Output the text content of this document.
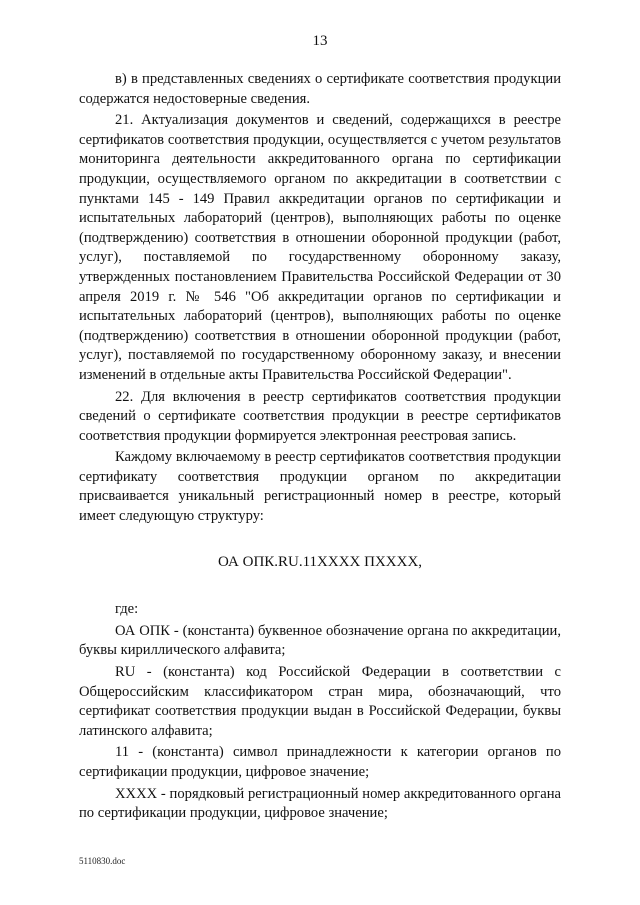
13

в) в представленных сведениях о сертификате соответствия продукции содержатся недостоверные сведения.

21. Актуализация документов и сведений, содержащихся в реестре сертификатов соответствия продукции, осуществляется с учетом результатов мониторинга деятельности аккредитованного органа по сертификации продукции, осуществляемого органом по аккредитации в соответствии с пунктами 145 - 149 Правил аккредитации органов по сертификации и испытательных лабораторий (центров), выполняющих работы по оценке (подтверждению) соответствия в отношении оборонной продукции (работ, услуг), поставляемой по государственному оборонному заказу, утвержденных постановлением Правительства Российской Федерации от 30 апреля 2019 г. № 546 "Об аккредитации органов по сертификации и испытательных лабораторий (центров), выполняющих работы по оценке (подтверждению) соответствия в отношении оборонной продукции (работ, услуг), поставляемой по государственному оборонному заказу, и внесении изменений в отдельные акты Правительства Российской Федерации".

22. Для включения в реестр сертификатов соответствия продукции сведений о сертификате соответствия продукции в реестре сертификатов соответствия продукции формируется электронная реестровая запись.

Каждому включаемому в реестр сертификатов соответствия продукции сертификату соответствия продукции органом по аккредитации присваивается уникальный регистрационный номер в реестре, который имеет следующую структуру:

ОА ОПК.RU.11ХХХХ ПХХХХ,

где:

ОА ОПК - (константа) буквенное обозначение органа по аккредитации, буквы кириллического алфавита;

RU - (константа) код Российской Федерации в соответствии с Общероссийским классификатором стран мира, обозначающий, что сертификат соответствия продукции выдан в Российской Федерации, буквы латинского алфавита;

11 - (константа) символ принадлежности к категории органов по сертификации продукции, цифровое значение;

ХХХХ - порядковый регистрационный номер аккредитованного органа по сертификации продукции, цифровое значение;

5110830.doc
